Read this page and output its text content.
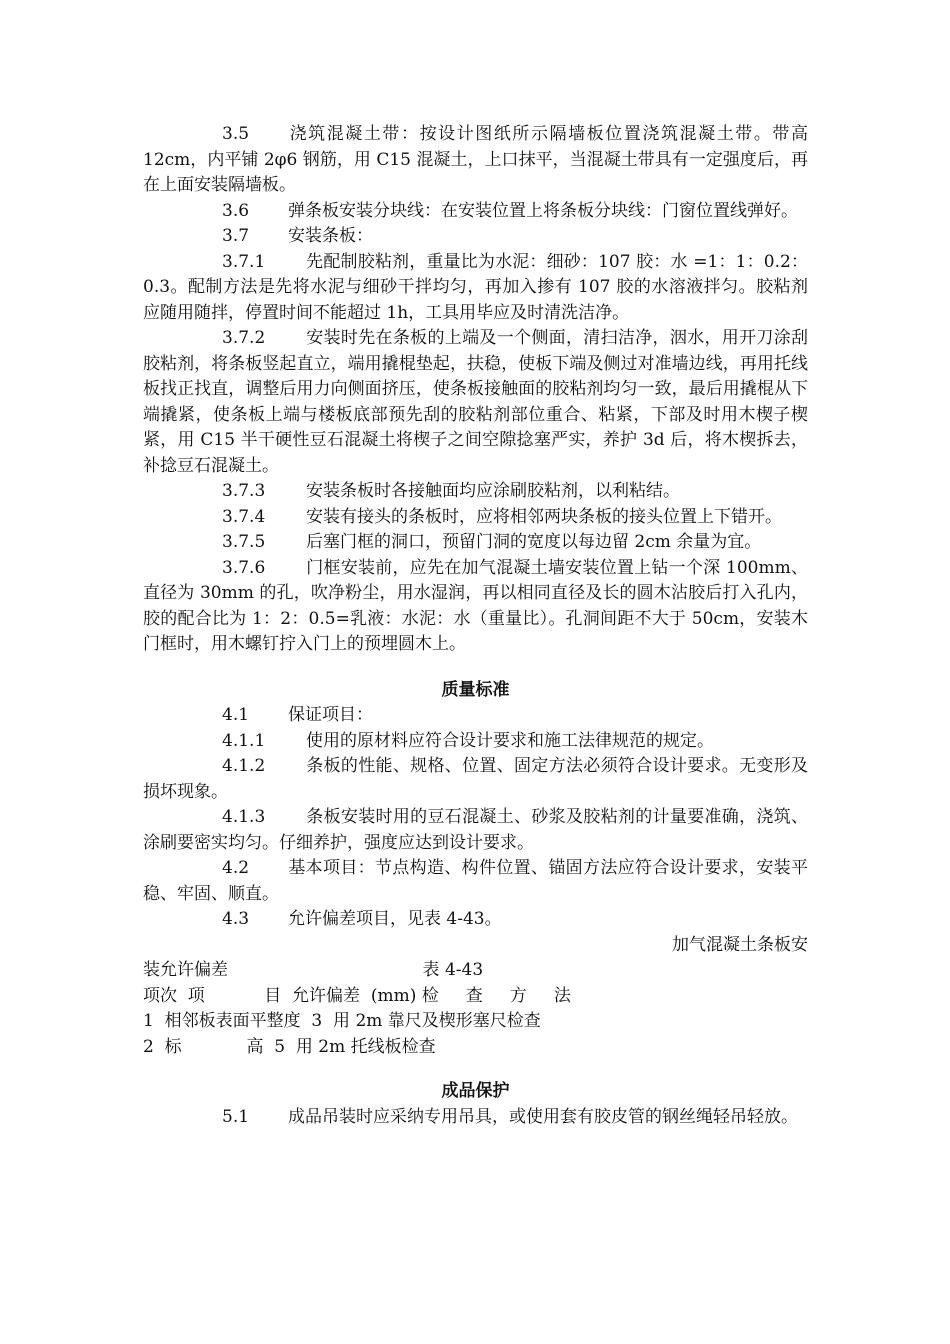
3.5 浇筑混凝土带：按设计图纸所示隔墙板位置浇筑混凝土带。带高 12cm，内平铺 2φ6 钢筋，用 C15 混凝土，上口抹平，当混凝土带具有一定强度后，再在上面安装隔墙板。

3.6 弹条板安装分块线：在安装位置上将条板分块线：门窗位置线弹好。

3.7 安装条板：

3.7.1 先配制胶粘剂，重量比为水泥：细砂：107 胶：水 =1：1：0.2：0.3。配制方法是先将水泥与细砂干拌均匀，再加入掺有 107 胶的水溶液拌匀。胶粘剂应随用随拌，停置时间不能超过 1h，工具用毕应及时清洗洁净。

3.7.2 安装时先在条板的上端及一个侧面，清扫洁净，洇水，用开刀涂刮胶粘剂，将条板竖起直立，端用撬棍垫起，扶稳，使板下端及侧过对准墙边线，再用托线板找正找直，调整后用力向侧面挤压，使条板接触面的胶粘剂均匀一致，最后用撬棍从下端撬紧，使条板上端与楼板底部预先刮的胶粘剂部位重合、粘紧，下部及时用木楔子楔紧，用 C15 半干硬性豆石混凝土将楔子之间空隙捻塞严实，养护 3d 后，将木楔拆去，补捻豆石混凝土。

3.7.3 安装条板时各接触面均应涂刷胶粘剂，以利粘结。

3.7.4 安装有接头的条板时，应将相邻两块条板的接头位置上下错开。

3.7.5 后塞门框的洞口，预留门洞的宽度以每边留 2cm 余量为宜。

3.7.6 门框安装前，应先在加气混凝土墙安装位置上钻一个深 100mm、直径为 30mm 的孔，吹净粉尘，用水湿润，再以相同直径及长的圆木沾胶后打入孔内，胶的配合比为 1：2：0.5=乳液：水泥：水（重量比）。孔洞间距不大于 50cm，安装木门框时，用木螺钉拧入门上的预埋圆木上。

质量标准

4.1 保证项目：

4.1.1 使用的原材料应符合设计要求和施工法律规范的规定。

4.1.2 条板的性能、规格、位置、固定方法必须符合设计要求。无变形及损坏现象。

4.1.3 条板安装时用的豆石混凝土、砂浆及胶粘剂的计量要准确，浇筑、涂刷要密实均匀。仔细养护，强度应达到设计要求。

4.2 基本项目：节点构造、构件位置、锚固方法应符合设计要求，安装平稳、牢固、顺直。

4.3 允许偏差项目，见表 4-43。

加气混凝土条板安

装允许偏差                                    表 4-43

项次  项           目  允许偏差  (mm) 检     查     方     法

1  相邻板表面平整度  3  用 2m 靠尺及楔形塞尺检查

2  标            高  5  用 2m 托线板检查

成品保护

5.1 成品吊装时应采纳专用吊具，或使用套有胶皮管的钢丝绳轻吊轻放。
